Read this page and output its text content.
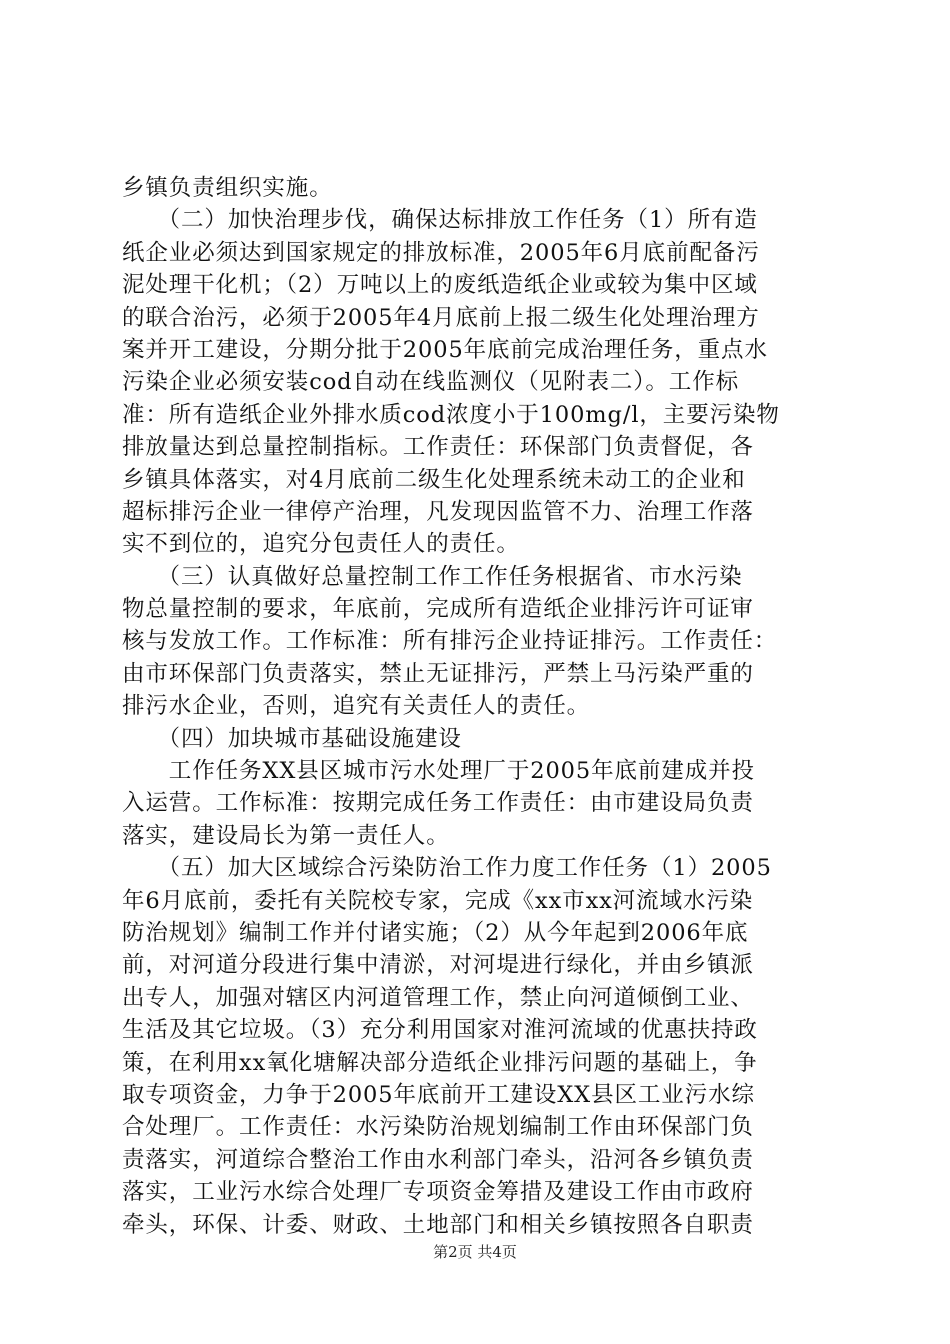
乡镇负责组织实施。
　　（二）加快治理步伐，确保达标排放工作任务（1）所有造
纸企业必须达到国家规定的排放标准，2005年6月底前配备污
泥处理干化机；（2）万吨以上的废纸造纸企业或较为集中区域
的联合治污，必须于2005年4月底前上报二级生化处理治理方
案并开工建设，分期分批于2005年底前完成治理任务，重点水
污染企业必须安装cod自动在线监测仪（见附表二）。工作标
准：所有造纸企业外排水质cod浓度小于100mg/l，主要污染物
排放量达到总量控制指标。工作责任：环保部门负责督促，各
乡镇具体落实，对4月底前二级生化处理系统未动工的企业和
超标排污企业一律停产治理，凡发现因监管不力、治理工作落
实不到位的，追究分包责任人的责任。
　　（三）认真做好总量控制工作工作任务根据省、市水污染
物总量控制的要求，年底前，完成所有造纸企业排污许可证审
核与发放工作。工作标准：所有排污企业持证排污。工作责任：
由市环保部门负责落实，禁止无证排污，严禁上马污染严重的
排污水企业，否则，追究有关责任人的责任。
　　（四）加块城市基础设施建设
　　工作任务XX县区城市污水处理厂于2005年底前建成并投
入运营。工作标准：按期完成任务工作责任：由市建设局负责
落实，建设局长为第一责任人。
　　（五）加大区域综合污染防治工作力度工作任务（1）2005
年6月底前，委托有关院校专家，完成《xx市xx河流域水污染
防治规划》编制工作并付诸实施；（2）从今年起到2006年底
前，对河道分段进行集中清淤，对河堤进行绿化，并由乡镇派
出专人，加强对辖区内河道管理工作，禁止向河道倾倒工业、
生活及其它垃圾。（3）充分利用国家对淮河流域的优惠扶持政
策，在利用xx氧化塘解决部分造纸企业排污问题的基础上，争
取专项资金，力争于2005年底前开工建设XX县区工业污水综
合处理厂。工作责任：水污染防治规划编制工作由环保部门负
责落实，河道综合整治工作由水利部门牵头，沿河各乡镇负责
落实，工业污水综合处理厂专项资金筹措及建设工作由市政府
牵头，环保、计委、财政、土地部门和相关乡镇按照各自职责
第2页 共4页
